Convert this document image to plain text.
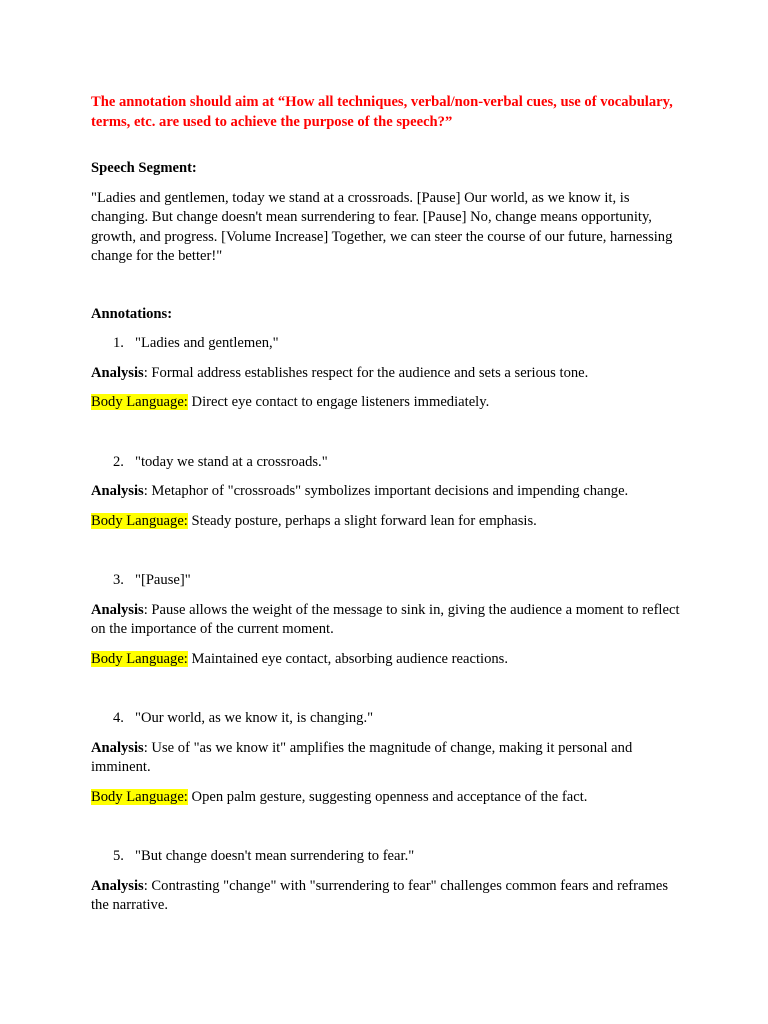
The annotation should aim at “How all techniques, verbal/non-verbal cues, use of vocabulary, terms, etc. are used to achieve the purpose of the speech?”

Speech Segment:

"Ladies and gentlemen, today we stand at a crossroads. [Pause] Our world, as we know it, is changing. But change doesn't mean surrendering to fear. [Pause] No, change means opportunity, growth, and progress. [Volume Increase] Together, we can steer the course of our future, harnessing change for the better!"

Annotations:

1. "Ladies and gentlemen,"

Analysis: Formal address establishes respect for the audience and sets a serious tone.

Body Language: Direct eye contact to engage listeners immediately.

2. "today we stand at a crossroads."

Analysis: Metaphor of "crossroads" symbolizes important decisions and impending change.

Body Language: Steady posture, perhaps a slight forward lean for emphasis.

3. "[Pause]"

Analysis: Pause allows the weight of the message to sink in, giving the audience a moment to reflect on the importance of the current moment.

Body Language: Maintained eye contact, absorbing audience reactions.

4. "Our world, as we know it, is changing."

Analysis: Use of "as we know it" amplifies the magnitude of change, making it personal and imminent.

Body Language: Open palm gesture, suggesting openness and acceptance of the fact.

5. "But change doesn't mean surrendering to fear."

Analysis: Contrasting "change" with "surrendering to fear" challenges common fears and reframes the narrative.
